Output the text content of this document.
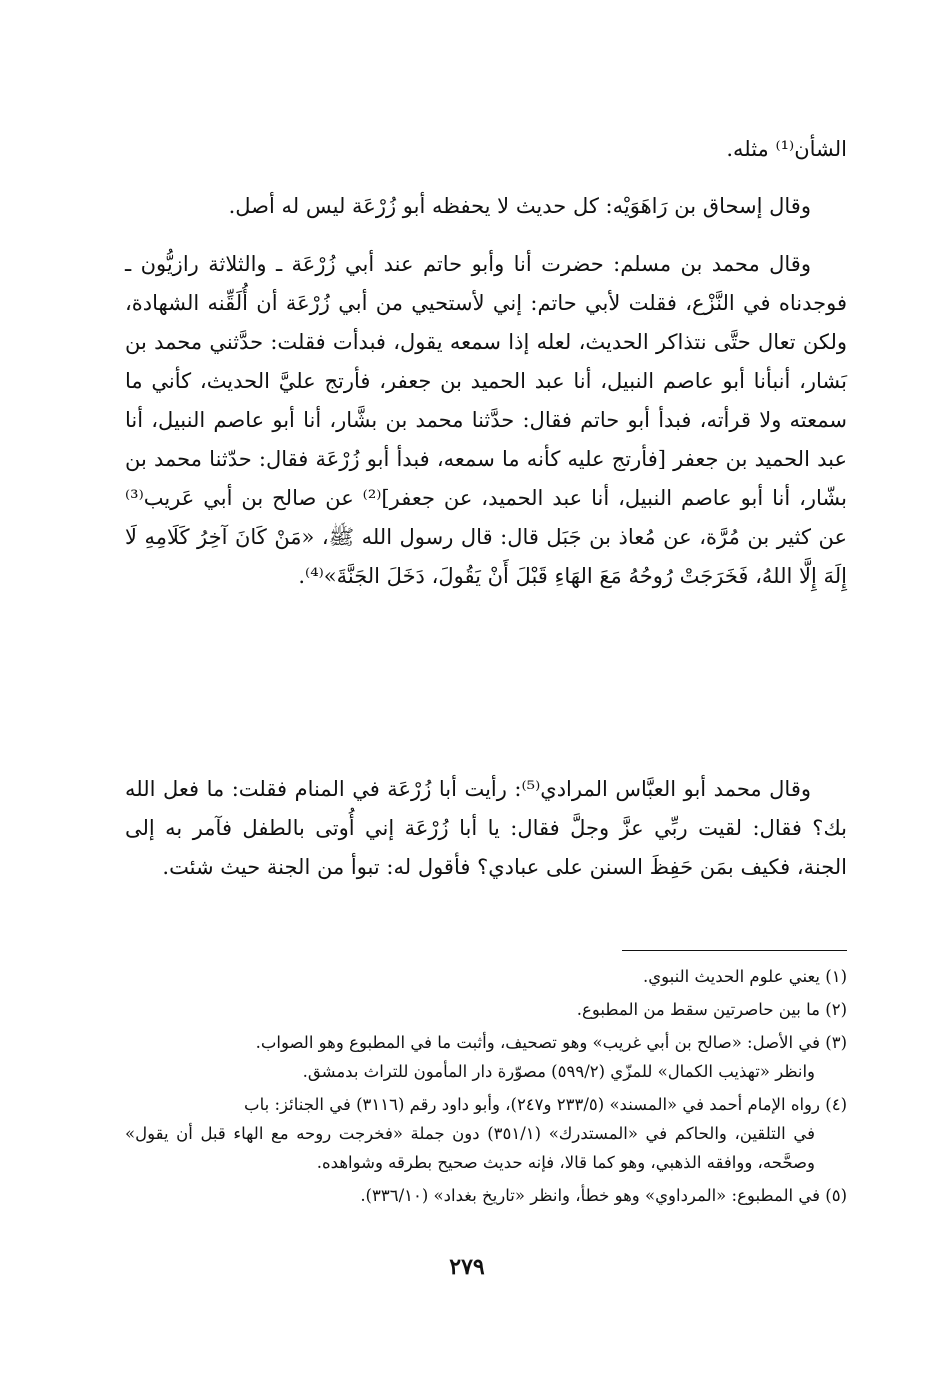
الشأن⁽¹⁾ مثله.

وقال إسحاق بن رَاهَوَيْه: كل حديث لا يحفظه أبو زُرْعَة ليس له أصل.

وقال محمد بن مسلم: حضرت أنا وأبو حاتم عند أبي زُرْعَة ـ والثلاثة رازيُّون ـ فوجدناه في النَّزْع، فقلت لأبي حاتم: إني لأستحيي من أبي زُرْعَة أن أُلَقِّنه الشهادة، ولكن تعال حتَّى نتذاكر الحديث، لعله إذا سمعه يقول، فبدأت فقلت: حدَّثني محمد بن بَشار، أنبأنا أبو عاصم النبيل، أنا عبد الحميد بن جعفر، فأرتج عليَّ الحديث، كأني ما سمعته ولا قرأته، فبدأ أبو حاتم فقال: حدَّثنا محمد بن بشَّار، أنا أبو عاصم النبيل، أنا عبد الحميد بن جعفر [فأرتج عليه كأنه ما سمعه، فبدأ أبو زُرْعَة فقال: حدّثنا محمد بن بشّار، أنا أبو عاصم النبيل، أنا عبد الحميد، عن جعفر]⁽²⁾ عن صالح بن أبي عَريب⁽³⁾ عن كثير بن مُرَّة، عن مُعاذ بن جَبَل قال: قال رسول الله ﷺ، «مَنْ كَانَ آخِرُ كَلَامِهِ لَا إِلَهَ إِلَّا اللهُ، فَخَرَجَتْ رُوحُهُ مَعَ الهَاءِ قَبْلَ أَنْ يَقُولَ، دَخَلَ الجَنَّةَ»⁽⁴⁾.

وقال محمد أبو العبَّاس المرادي⁽⁵⁾: رأيت أبا زُرْعَة في المنام فقلت: ما فعل الله بك؟ فقال: لقيت ربِّي عزَّ وجلَّ فقال: يا أبا زُرْعَة إني أُوتى بالطفل فآمر به إلى الجنة، فكيف بمَن حَفِظَ السنن على عبادي؟ فأقول له: تبوأ من الجنة حيث شئت.

(١) يعني علوم الحديث النبوي.

(٢) ما بين حاصرتين سقط من المطبوع.

(٣) في الأصل: «صالح بن أبي غريب» وهو تصحيف، وأثبت ما في المطبوع وهو الصواب.
وانظر «تهذيب الكمال» للمزّي (٥٩٩/٢) مصوّرة دار المأمون للتراث بدمشق.

(٤) رواه الإمام أحمد في «المسند» (٢٣٣/٥ و٢٤٧)، وأبو داود رقم (٣١١٦) في الجنائز: باب
في التلقين، والحاكم في «المستدرك» (٣٥١/١) دون جملة «فخرجت روحه مع الهاء قبل أن يقول» وصحَّحه، ووافقه الذهبي، وهو كما قالا، فإنه حديث صحيح بطرقه وشواهده.

(٥) في المطبوع: «المرداوي» وهو خطأ، وانظر «تاريخ بغداد» (٣٣٦/١٠).

٢٧٩
